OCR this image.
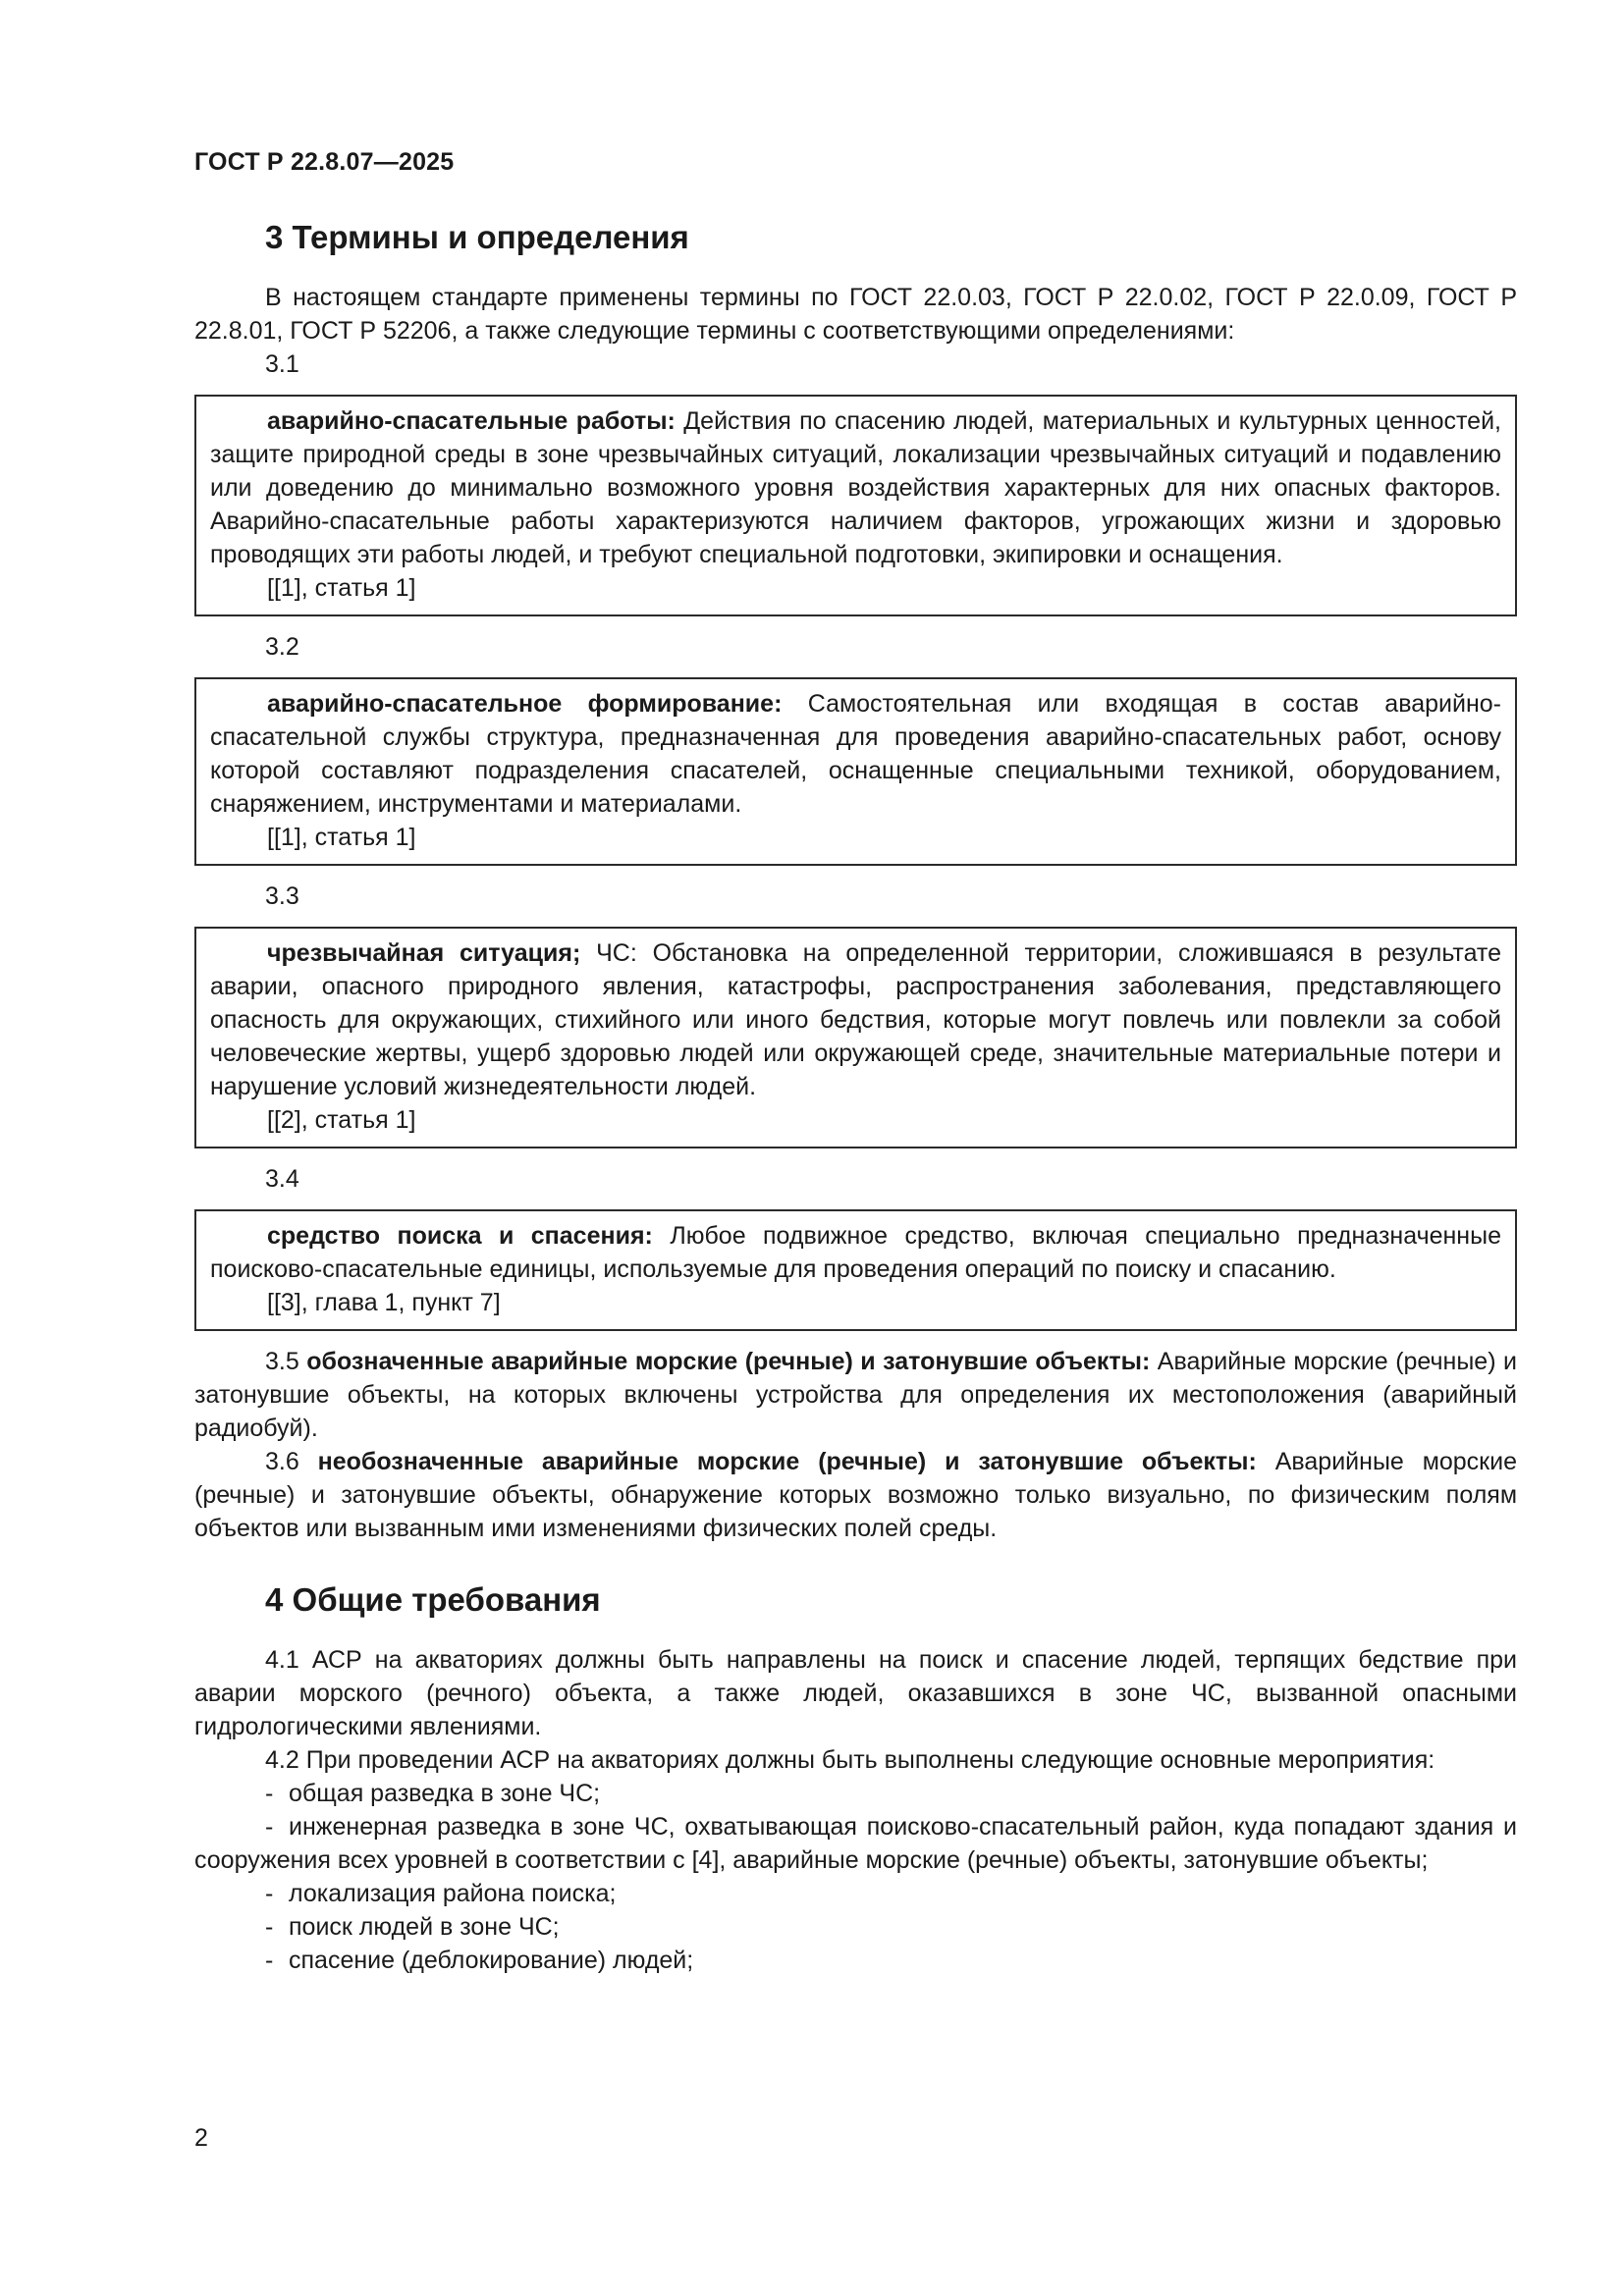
ГОСТ Р 22.8.07—2025
3 Термины и определения

В настоящем стандарте применены термины по ГОСТ 22.0.03, ГОСТ Р 22.0.02, ГОСТ Р 22.0.09, ГОСТ Р 22.8.01, ГОСТ Р 52206, а также следующие термины с соответствующими определениями:

3.1

аварийно-спасательные работы: Действия по спасению людей, материальных и культурных ценностей, защите природной среды в зоне чрезвычайных ситуаций, локализации чрезвычайных ситуаций и подавлению или доведению до минимально возможного уровня воздействия характерных для них опасных факторов. Аварийно-спасательные работы характеризуются наличием факторов, угрожающих жизни и здоровью проводящих эти работы людей, и требуют специальной подготовки, экипировки и оснащения.

[[1], статья 1]
3.2

аварийно-спасательное формирование: Самостоятельная или входящая в состав аварийно-спасательной службы структура, предназначенная для проведения аварийно-спасательных работ, основу которой составляют подразделения спасателей, оснащенные специальными техникой, оборудованием, снаряжением, инструментами и материалами.

[[1], статья 1]
3.3

чрезвычайная ситуация; ЧС: Обстановка на определенной территории, сложившаяся в результате аварии, опасного природного явления, катастрофы, распространения заболевания, представляющего опасность для окружающих, стихийного или иного бедствия, которые могут повлечь или повлекли за собой человеческие жертвы, ущерб здоровью людей или окружающей среде, значительные материальные потери и нарушение условий жизнедеятельности людей.

[[2], статья 1]
3.4

средство поиска и спасения: Любое подвижное средство, включая специально предназначенные поисково-спасательные единицы, используемые для проведения операций по поиску и спасанию.

[[3], глава 1, пункт 7]

3.5 обозначенные аварийные морские (речные) и затонувшие объекты: Аварийные морские (речные) и затонувшие объекты, на которых включены устройства для определения их местоположения (аварийный радиобуй).

3.6 необозначенные аварийные морские (речные) и затонувшие объекты: Аварийные морские (речные) и затонувшие объекты, обнаружение которых возможно только визуально, по физическим полям объектов или вызванным ими изменениями физических полей среды.

4 Общие требования

4.1 АСР на акваториях должны быть направлены на поиск и спасение людей, терпящих бедствие при аварии морского (речного) объекта, а также людей, оказавшихся в зоне ЧС, вызванной опасными гидрологическими явлениями.

4.2 При проведении АСР на акваториях должны быть выполнены следующие основные мероприятия:

- общая разведка в зоне ЧС;
- инженерная разведка в зоне ЧС, охватывающая поисково-спасательный район, куда попадают здания и сооружения всех уровней в соответствии с [4], аварийные морские (речные) объекты, затонувшие объекты;
- локализация района поиска;
- поиск людей в зоне ЧС;
- спасение (деблокирование) людей;
2
